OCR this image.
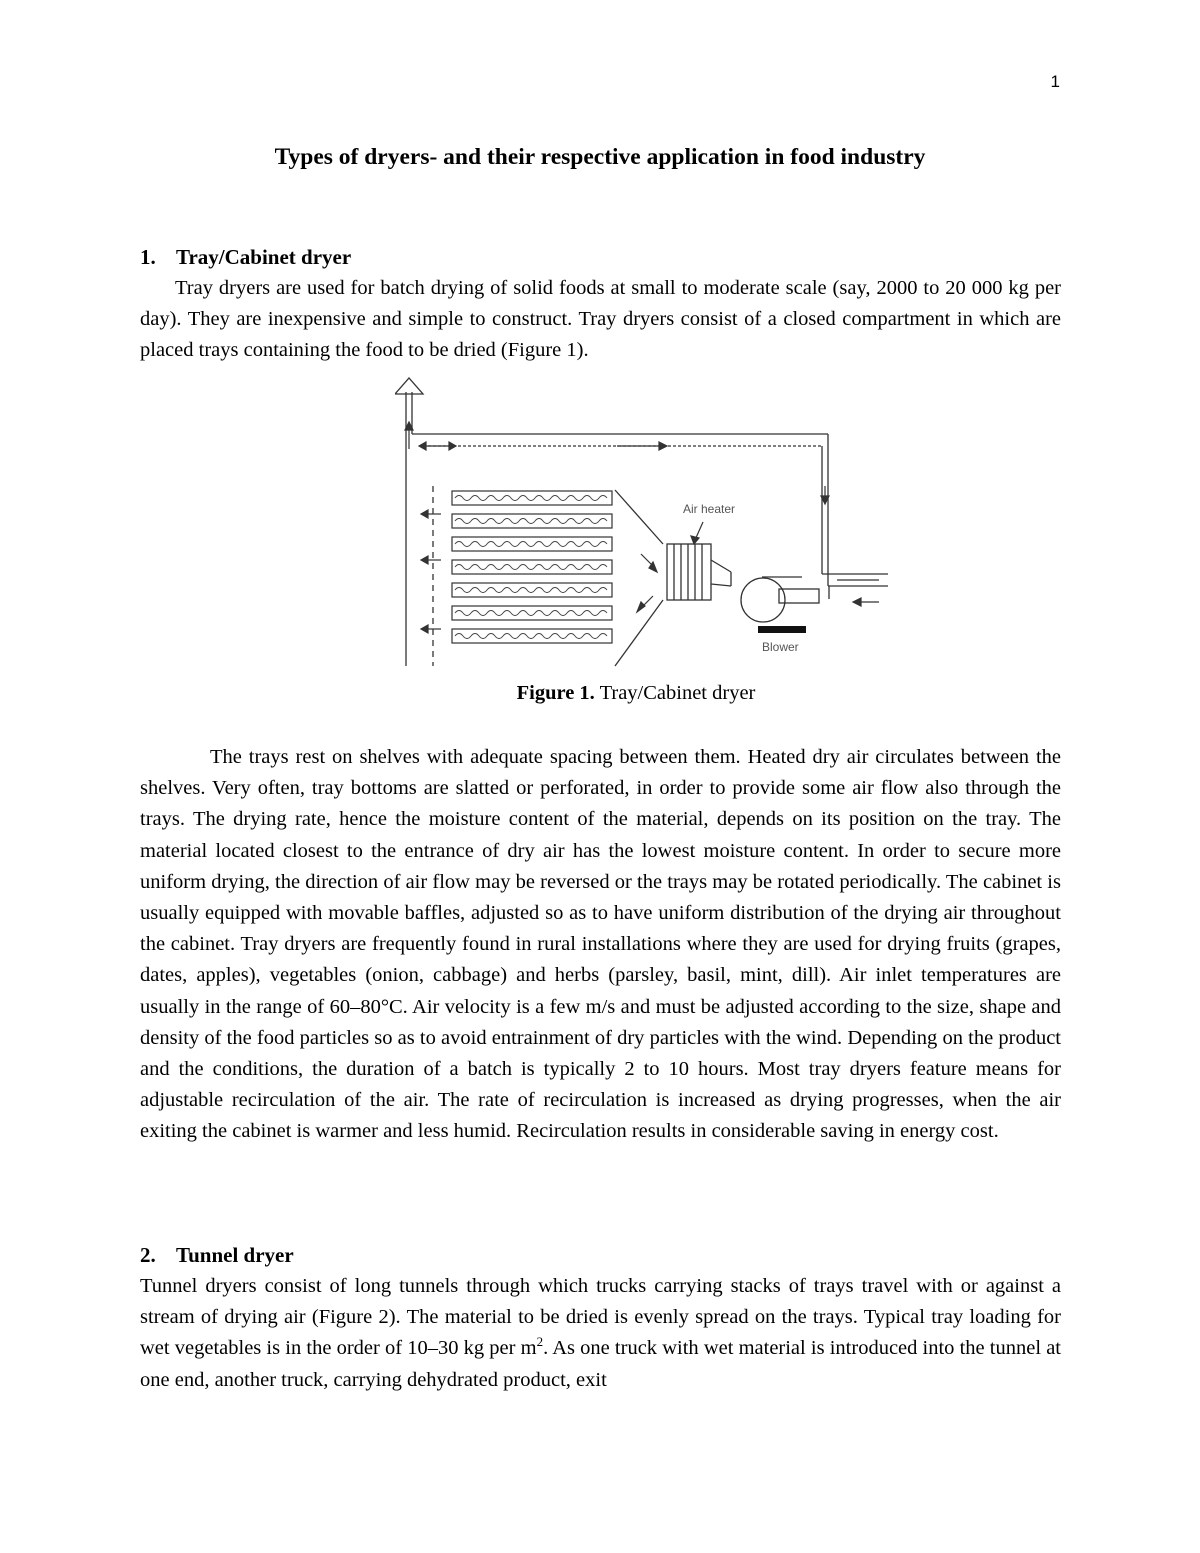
1
Types of dryers- and their respective application in food industry
1. Tray/Cabinet dryer

Tray dryers are used for batch drying of solid foods at small to moderate scale (say, 2000 to 20 000 kg per day). They are inexpensive and simple to construct. Tray dryers consist of a closed compartment in which are placed trays containing the food to be dried (Figure 1).

Air heater
Blower

Figure 1. Tray/Cabinet dryer

The trays rest on shelves with adequate spacing between them. Heated dry air circulates between the shelves. Very often, tray bottoms are slatted or perforated, in order to provide some air flow also through the trays. The drying rate, hence the moisture content of the material, depends on its position on the tray. The material located closest to the entrance of dry air has the lowest moisture content. In order to secure more uniform drying, the direction of air flow may be reversed or the trays may be rotated periodically. The cabinet is usually equipped with movable baffles, adjusted so as to have uniform distribution of the drying air throughout the cabinet. Tray dryers are frequently found in rural installations where they are used for drying fruits (grapes, dates, apples), vegetables (onion, cabbage) and herbs (parsley, basil, mint, dill). Air inlet temperatures are usually in the range of 60–80°C. Air velocity is a few m/s and must be adjusted according to the size, shape and density of the food particles so as to avoid entrainment of dry particles with the wind. Depending on the product and the conditions, the duration of a batch is typically 2 to 10 hours. Most tray dryers feature means for adjustable recirculation of the air. The rate of recirculation is increased as drying progresses, when the air exiting the cabinet is warmer and less humid. Recirculation results in considerable saving in energy cost.

2. Tunnel dryer

Tunnel dryers consist of long tunnels through which trucks carrying stacks of trays travel with or against a stream of drying air (Figure 2). The material to be dried is evenly spread on the trays. Typical tray loading for wet vegetables is in the order of 10–30 kg per $m^2$. As one truck with wet material is introduced into the tunnel at one end, another truck, carrying dehydrated product, exit
